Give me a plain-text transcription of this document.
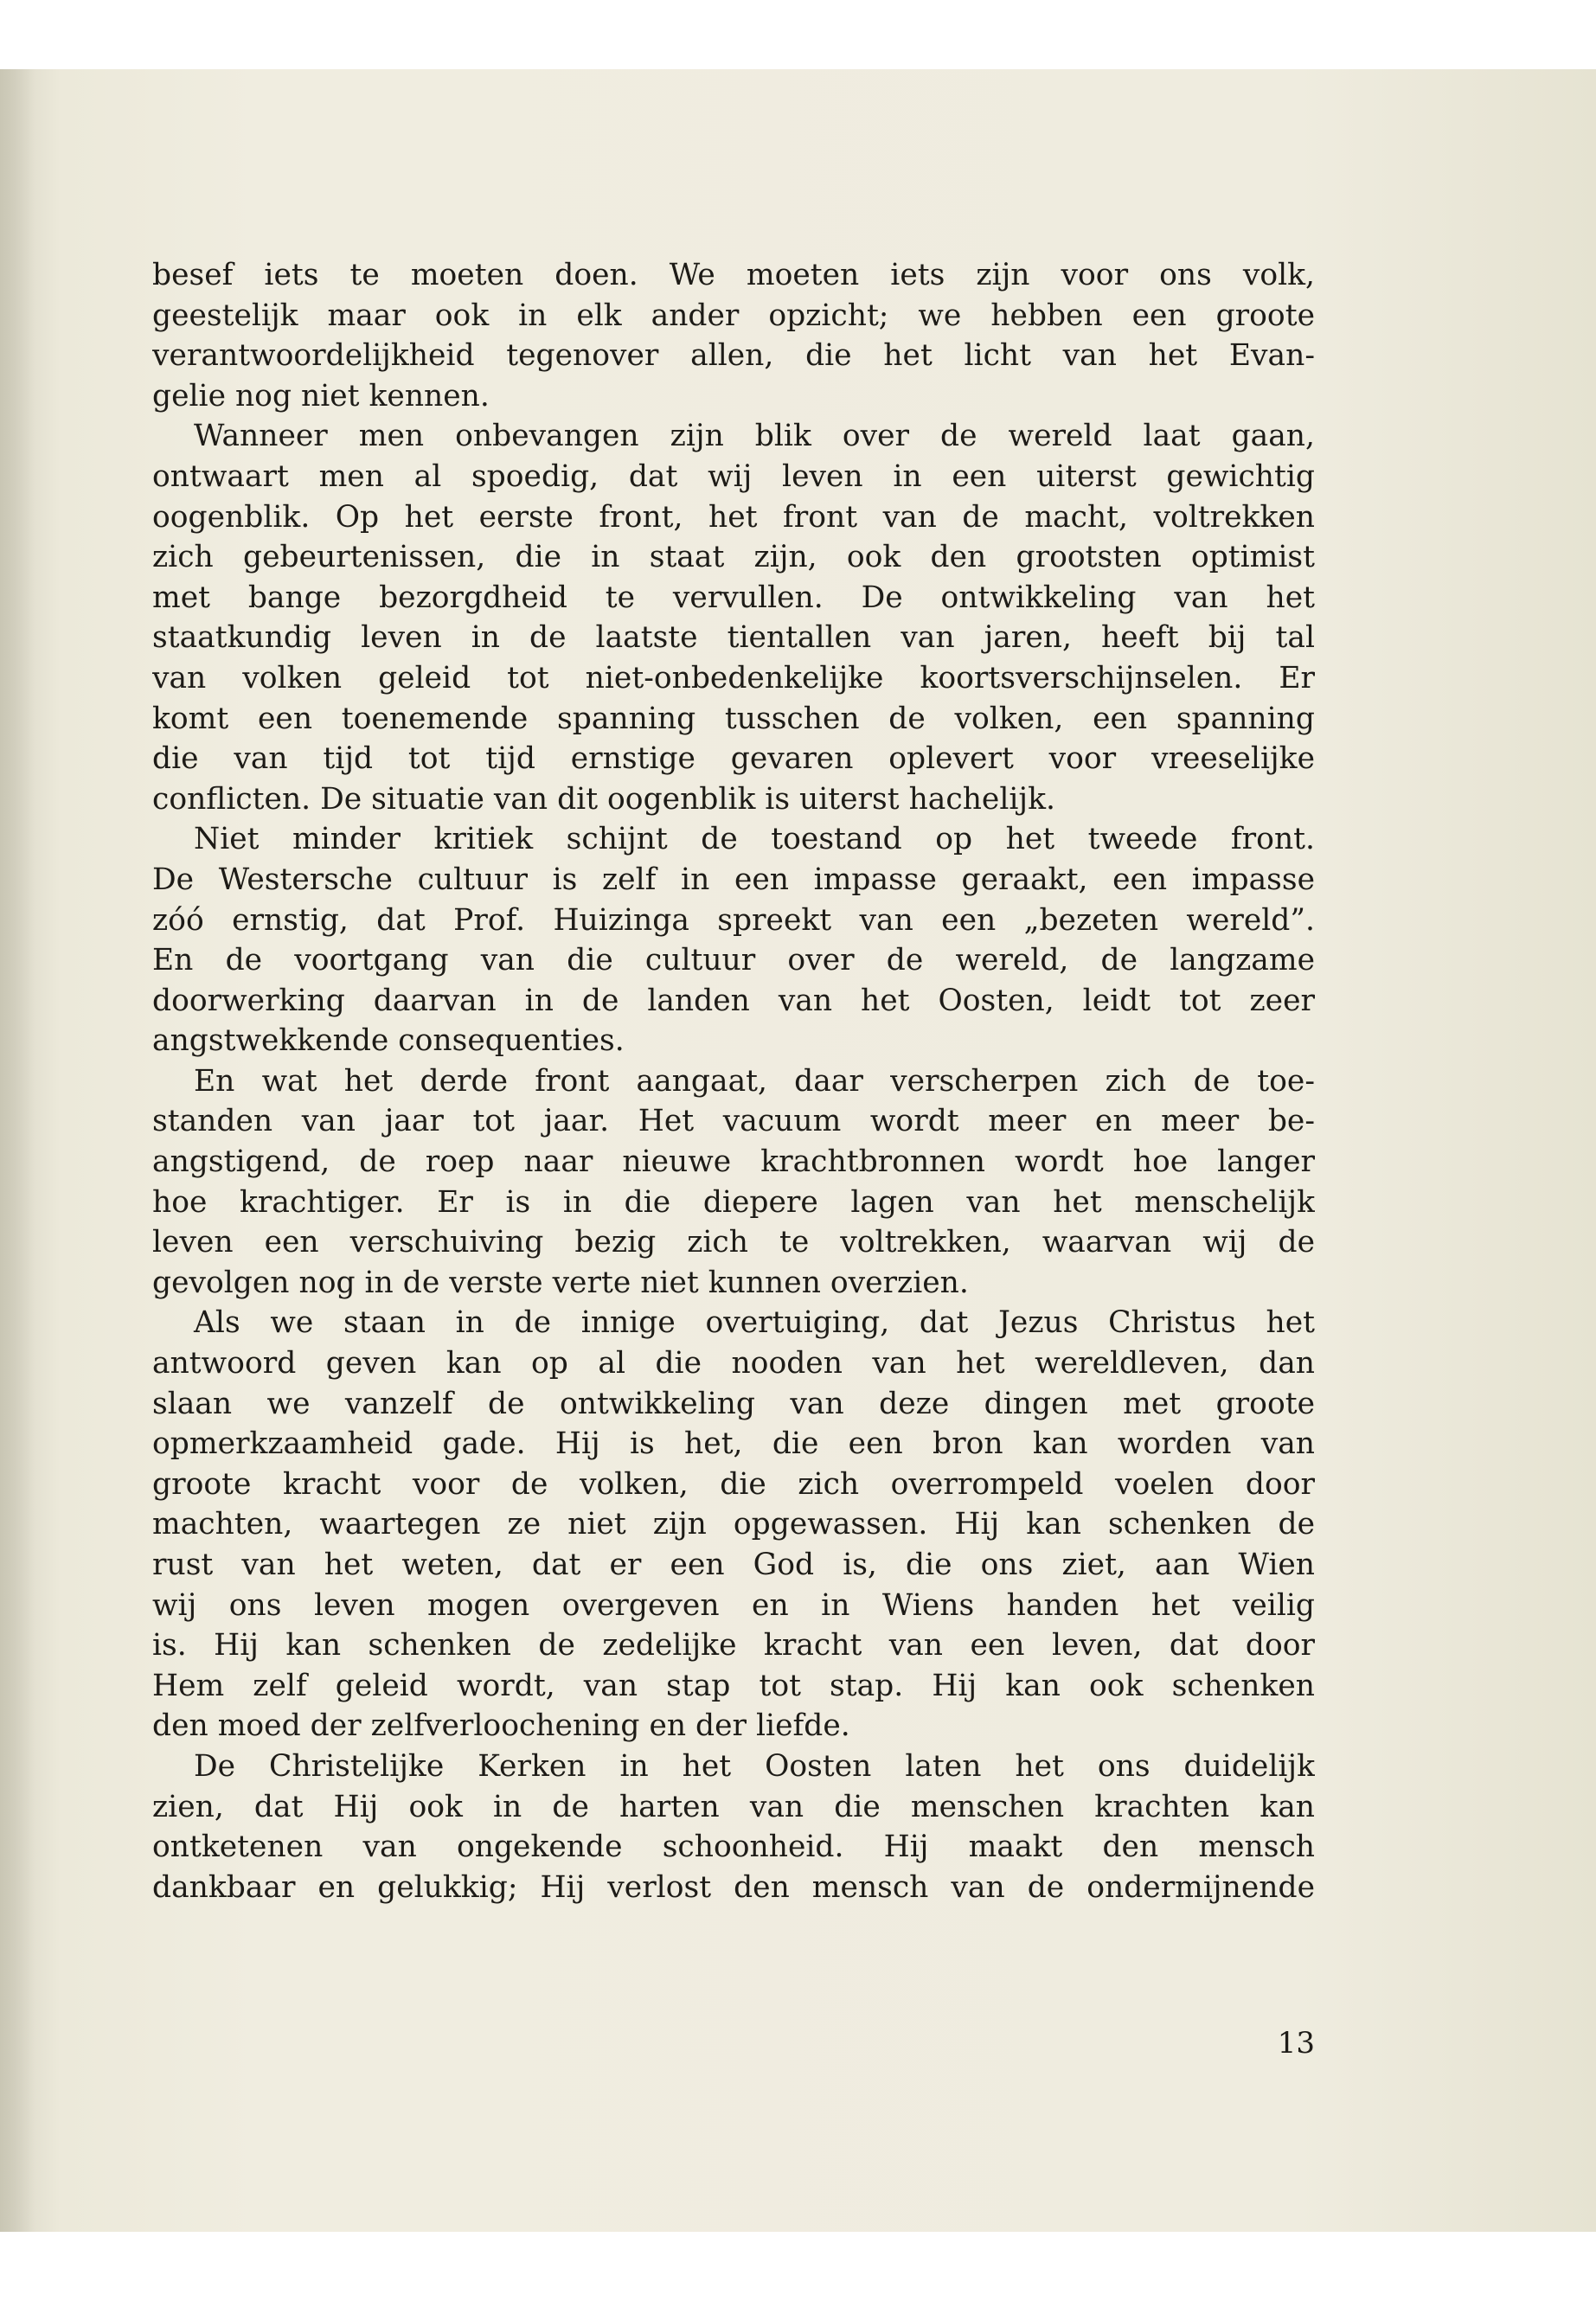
besef iets te moeten doen. We moeten iets zijn voor ons volk,
geestelijk maar ook in elk ander opzicht; we hebben een groote
verantwoordelijkheid tegenover allen, die het licht van het Evan-
gelie nog niet kennen.
Wanneer men onbevangen zijn blik over de wereld laat gaan,
ontwaart men al spoedig, dat wij leven in een uiterst gewichtig
oogenblik. Op het eerste front, het front van de macht, voltrekken
zich gebeurtenissen, die in staat zijn, ook den grootsten optimist
met bange bezorgdheid te vervullen. De ontwikkeling van het
staatkundig leven in de laatste tientallen van jaren, heeft bij tal
van volken geleid tot niet-onbedenkelijke koortsverschijnselen. Er
komt een toenemende spanning tusschen de volken, een spanning
die van tijd tot tijd ernstige gevaren oplevert voor vreeselijke
conflicten. De situatie van dit oogenblik is uiterst hachelijk.
Niet minder kritiek schijnt de toestand op het tweede front.
De Westersche cultuur is zelf in een impasse geraakt, een impasse
zóó ernstig, dat Prof. Huizinga spreekt van een „bezeten wereld”.
En de voortgang van die cultuur over de wereld, de langzame
doorwerking daarvan in de landen van het Oosten, leidt tot zeer
angstwekkende consequenties.
En wat het derde front aangaat, daar verscherpen zich de toe-
standen van jaar tot jaar. Het vacuum wordt meer en meer be-
angstigend, de roep naar nieuwe krachtbronnen wordt hoe langer
hoe krachtiger. Er is in die diepere lagen van het menschelijk
leven een verschuiving bezig zich te voltrekken, waarvan wij de
gevolgen nog in de verste verte niet kunnen overzien.
Als we staan in de innige overtuiging, dat Jezus Christus het
antwoord geven kan op al die nooden van het wereldleven, dan
slaan we vanzelf de ontwikkeling van deze dingen met groote
opmerkzaamheid gade. Hij is het, die een bron kan worden van
groote kracht voor de volken, die zich overrompeld voelen door
machten, waartegen ze niet zijn opgewassen. Hij kan schenken de
rust van het weten, dat er een God is, die ons ziet, aan Wien
wij ons leven mogen overgeven en in Wiens handen het veilig
is. Hij kan schenken de zedelijke kracht van een leven, dat door
Hem zelf geleid wordt, van stap tot stap. Hij kan ook schenken
den moed der zelfverloochening en der liefde.
De Christelijke Kerken in het Oosten laten het ons duidelijk
zien, dat Hij ook in de harten van die menschen krachten kan
ontketenen van ongekende schoonheid. Hij maakt den mensch
dankbaar en gelukkig; Hij verlost den mensch van de ondermijnende
13
